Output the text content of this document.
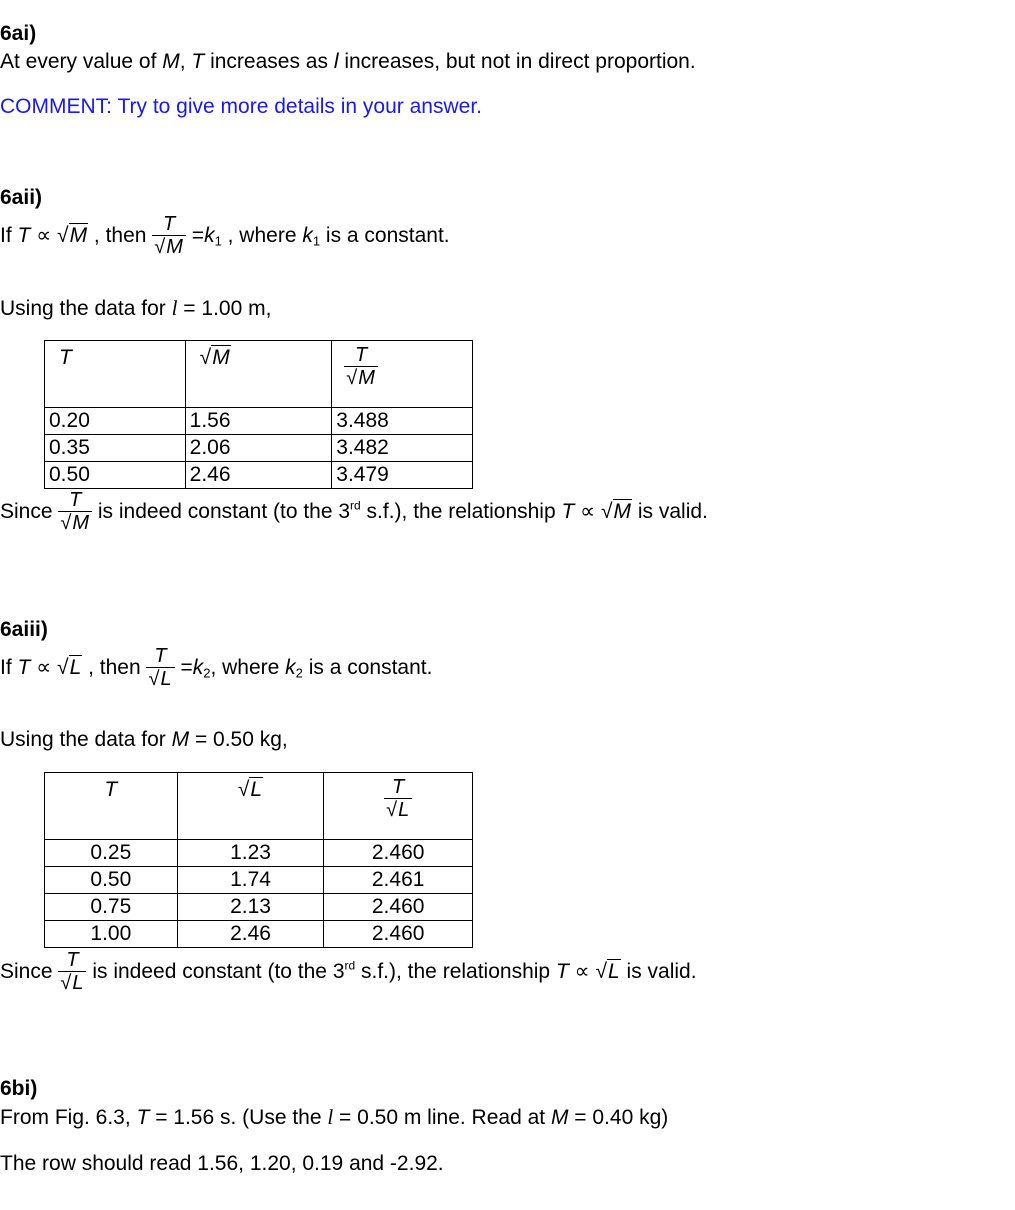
6ai)
At every value of M, T increases as l increases, but not in direct proportion.
COMMENT: Try to give more details in your answer.
6aii)
If T ∝ √M , then $\frac{T}{√M} =k_1$ , where $k_1$ is a constant.
Using the data for l = 1.00 m,
T	√M	$\frac{T}{√M}$

0.20	1.56	3.488
0.35	2.06	3.482
0.50	2.46	3.479
Since $\frac{T}{√M}$ is indeed constant (to the 3rd s.f.), the relationship T ∝ √M is valid.
6aiii)
If T ∝ √L , then $\frac{T}{√L} =k_2$, where $k_2$ is a constant.
Using the data for M = 0.50 kg,
T	√L	$\frac{T}{√L}$

0.25	1.23	2.460
0.50	1.74	2.461
0.75	2.13	2.460
1.00	2.46	2.460
Since $\frac{T}{√L}$ is indeed constant (to the 3rd s.f.), the relationship T ∝ √L is valid.
6bi)
From Fig. 6.3, T = 1.56 s. (Use the l = 0.50 m line. Read at M = 0.40 kg)
The row should read 1.56, 1.20, 0.19 and -2.92.
